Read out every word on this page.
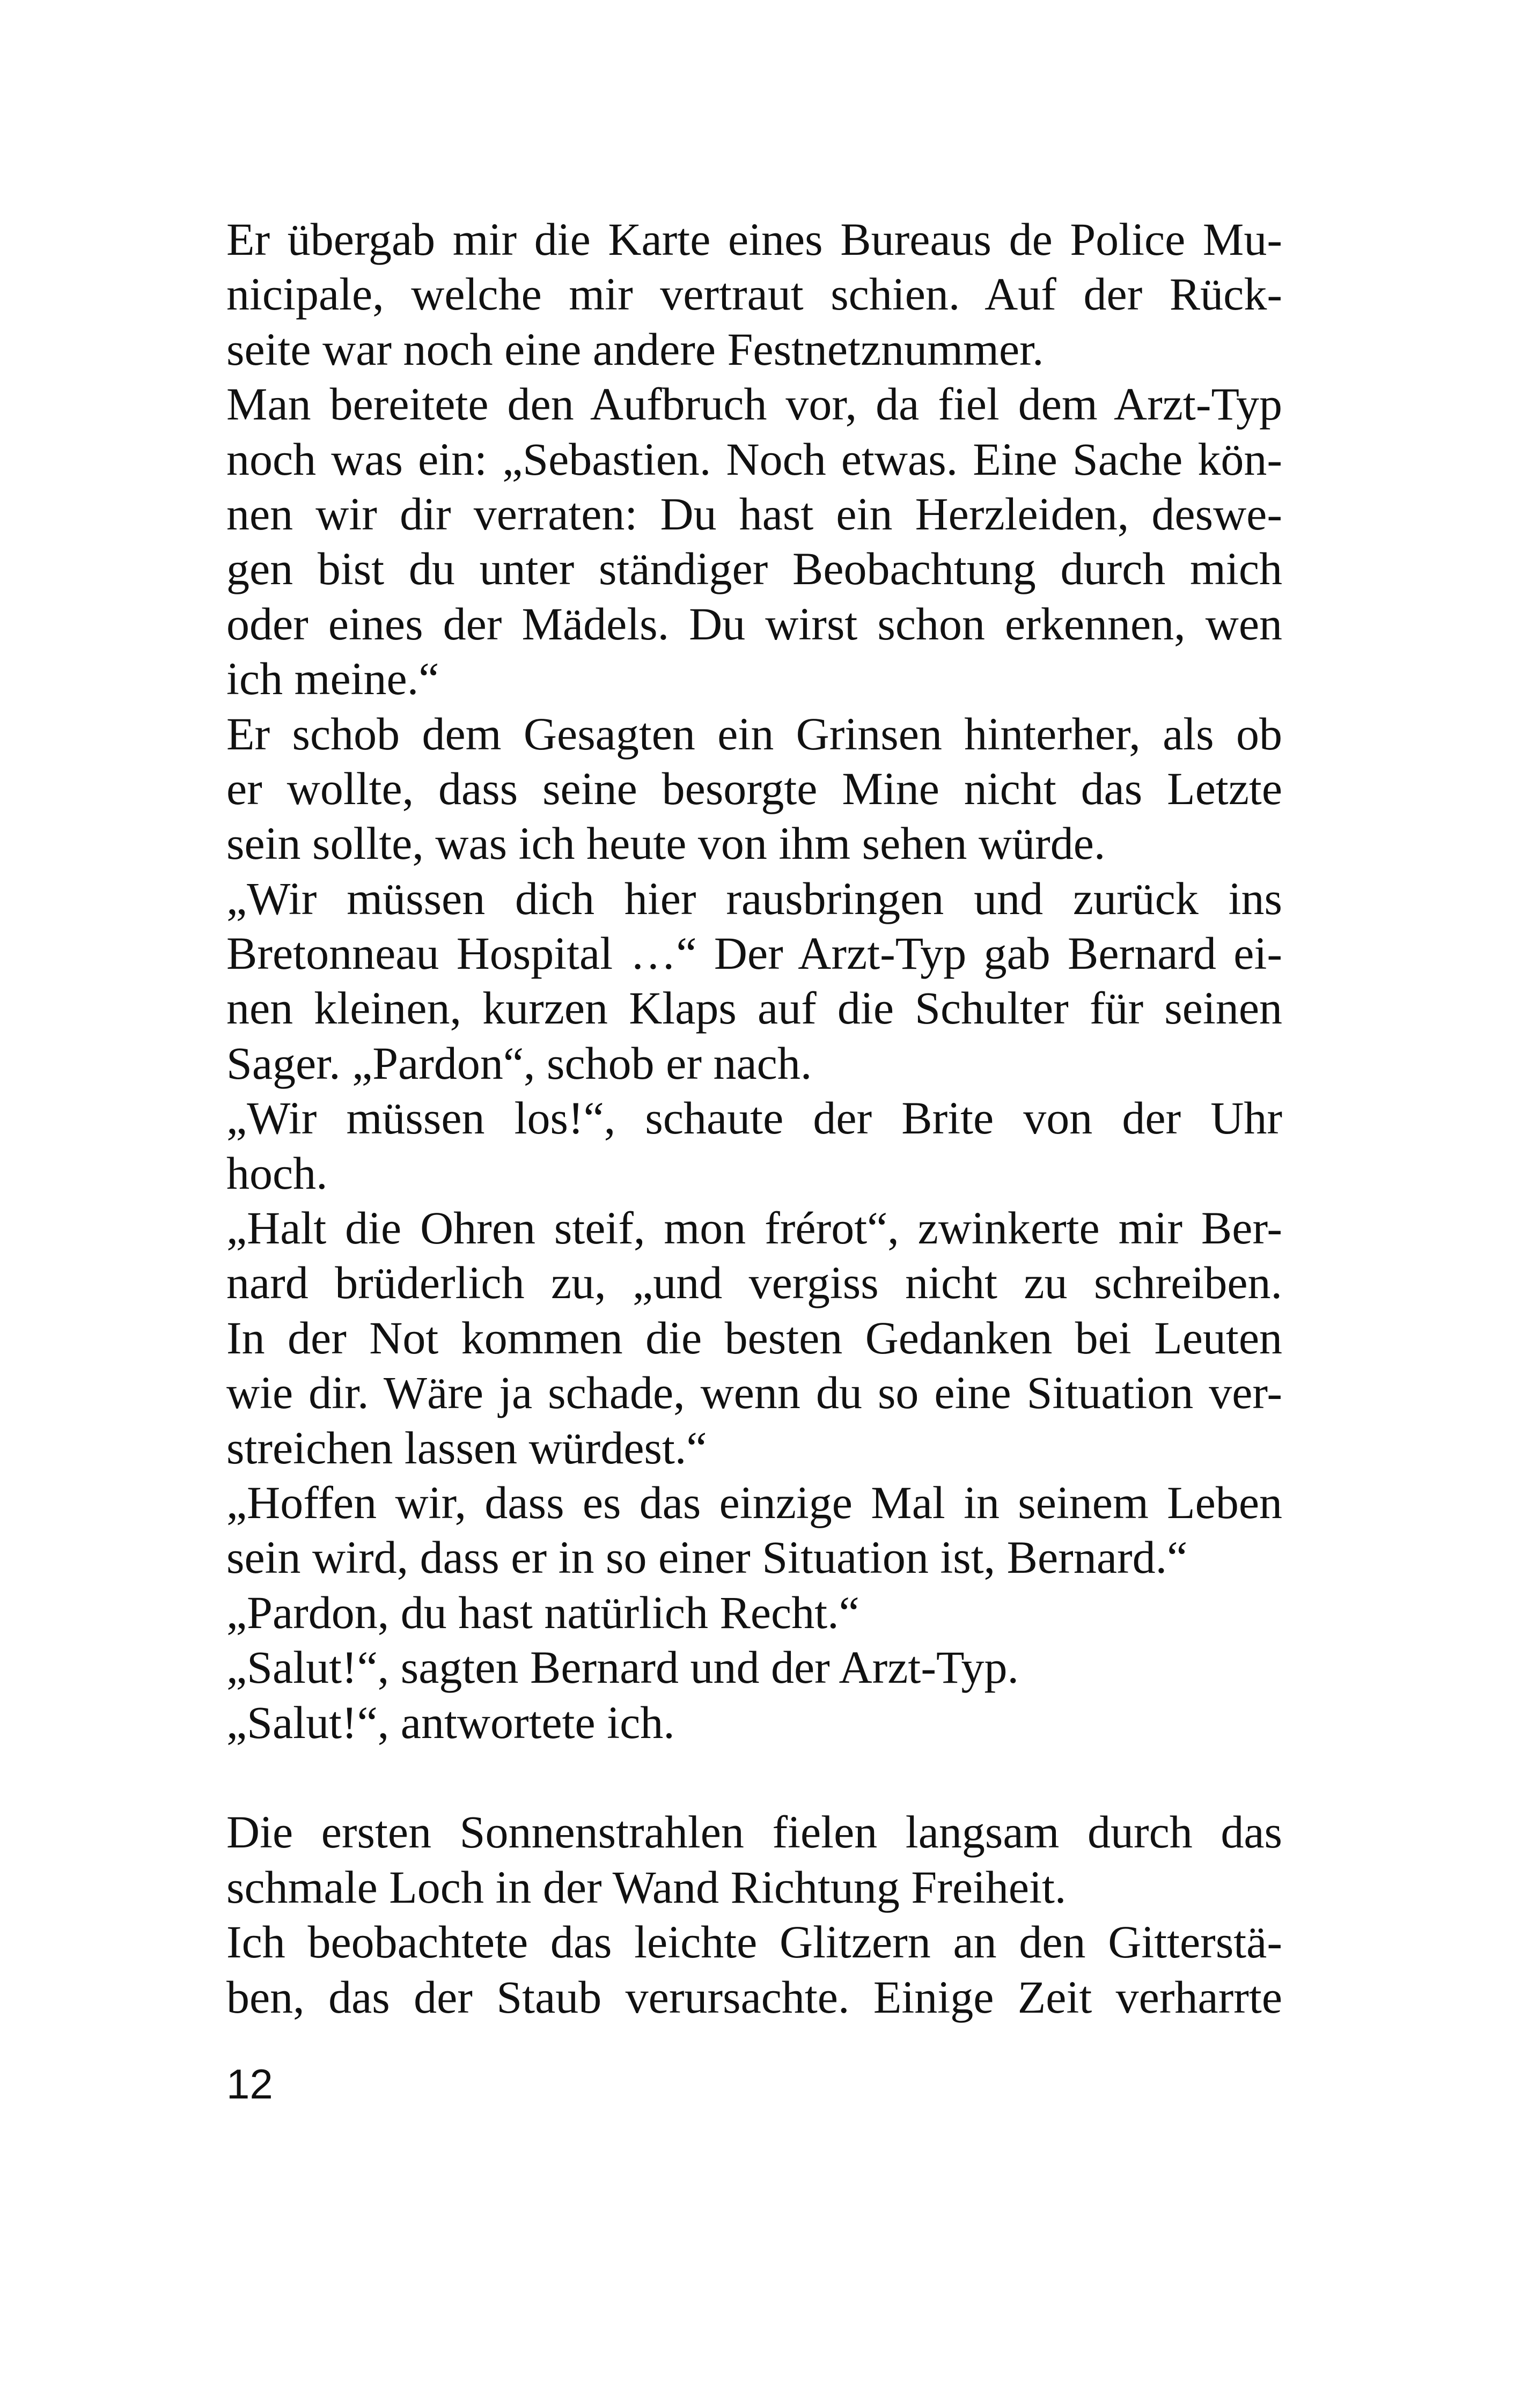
Er übergab mir die Karte eines Bureaus de Police Mu-
nicipale, welche mir vertraut schien. Auf der Rück-
seite war noch eine andere Festnetznummer.
Man bereitete den Aufbruch vor, da fiel dem Arzt-Typ
noch was ein: „Sebastien. Noch etwas. Eine Sache kön-
nen wir dir verraten: Du hast ein Herzleiden, deswe-
gen bist du unter ständiger Beobachtung durch mich
oder eines der Mädels. Du wirst schon erkennen, wen
ich meine.“
Er schob dem Gesagten ein Grinsen hinterher, als ob
er wollte, dass seine besorgte Mine nicht das Letzte
sein sollte, was ich heute von ihm sehen würde.
„Wir müssen dich hier rausbringen und zurück ins
Bretonneau Hospital …“ Der Arzt-Typ gab Bernard ei-
nen kleinen, kurzen Klaps auf die Schulter für seinen
Sager. „Pardon“, schob er nach.
„Wir müssen los!“, schaute der Brite von der Uhr
hoch.
„Halt die Ohren steif, mon frérot“, zwinkerte mir Ber-
nard brüderlich zu, „und vergiss nicht zu schreiben.
In der Not kommen die besten Gedanken bei Leuten
wie dir. Wäre ja schade, wenn du so eine Situation ver-
streichen lassen würdest.“
„Hoffen wir, dass es das einzige Mal in seinem Leben
sein wird, dass er in so einer Situation ist, Bernard.“
„Pardon, du hast natürlich Recht.“
„Salut!“, sagten Bernard und der Arzt-Typ.
„Salut!“, antwortete ich.
Die ersten Sonnenstrahlen fielen langsam durch das
schmale Loch in der Wand Richtung Freiheit.
Ich beobachtete das leichte Glitzern an den Gitterstä-
ben, das der Staub verursachte. Einige Zeit verharrte
12
